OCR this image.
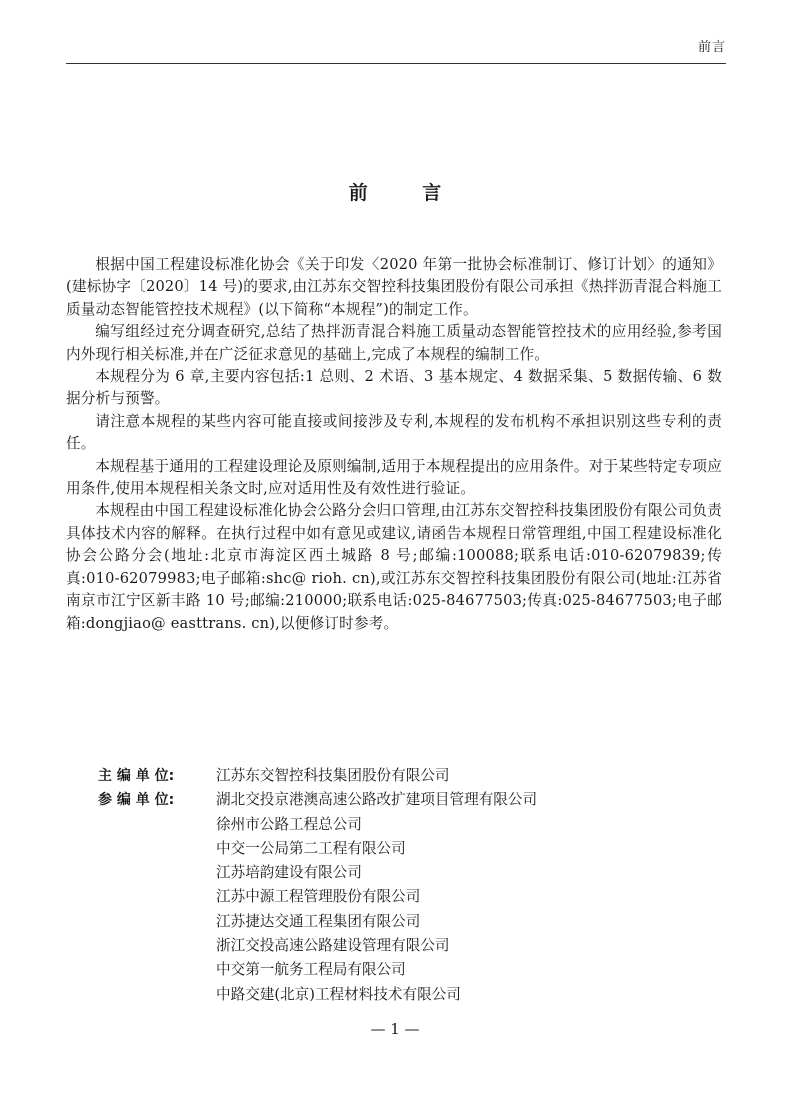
前言
前 言

根据中国工程建设标准化协会《关于印发〈2020 年第一批协会标准制订、修订计划〉的通知》(建标协字〔2020〕14 号)的要求,由江苏东交智控科技集团股份有限公司承担《热拌沥青混合料施工质量动态智能管控技术规程》(以下简称“本规程”)的制定工作。

编写组经过充分调查研究,总结了热拌沥青混合料施工质量动态智能管控技术的应用经验,参考国内外现行相关标准,并在广泛征求意见的基础上,完成了本规程的编制工作。

本规程分为 6 章,主要内容包括:1 总则、2 术语、3 基本规定、4 数据采集、5 数据传输、6 数据分析与预警。

请注意本规程的某些内容可能直接或间接涉及专利,本规程的发布机构不承担识别这些专利的责任。

本规程基于通用的工程建设理论及原则编制,适用于本规程提出的应用条件。对于某些特定专项应用条件,使用本规程相关条文时,应对适用性及有效性进行验证。

本规程由中国工程建设标准化协会公路分会归口管理,由江苏东交智控科技集团股份有限公司负责具体技术内容的解释。在执行过程中如有意见或建议,请函告本规程日常管理组,中国工程建设标准化协会公路分会(地址:北京市海淀区西土城路 8 号;邮编:100088;联系电话:010-62079839;传真:010-62079983;电子邮箱:shc@ rioh. cn),或江苏东交智控科技集团股份有限公司(地址:江苏省南京市江宁区新丰路 10 号;邮编:210000;联系电话:025-84677503;传真:025-84677503;电子邮箱:dongjiao@ easttrans. cn),以便修订时参考。

主 编 单 位:	江苏东交智控科技集团股份有限公司
参 编 单 位:	湖北交投京港澳高速公路改扩建项目管理有限公司
徐州市公路工程总公司
中交一公局第二工程有限公司
江苏培韵建设有限公司
江苏中源工程管理股份有限公司
江苏捷达交通工程集团有限公司
浙江交投高速公路建设管理有限公司
中交第一航务工程局有限公司
中路交建(北京)工程材料技术有限公司
— 1 —
